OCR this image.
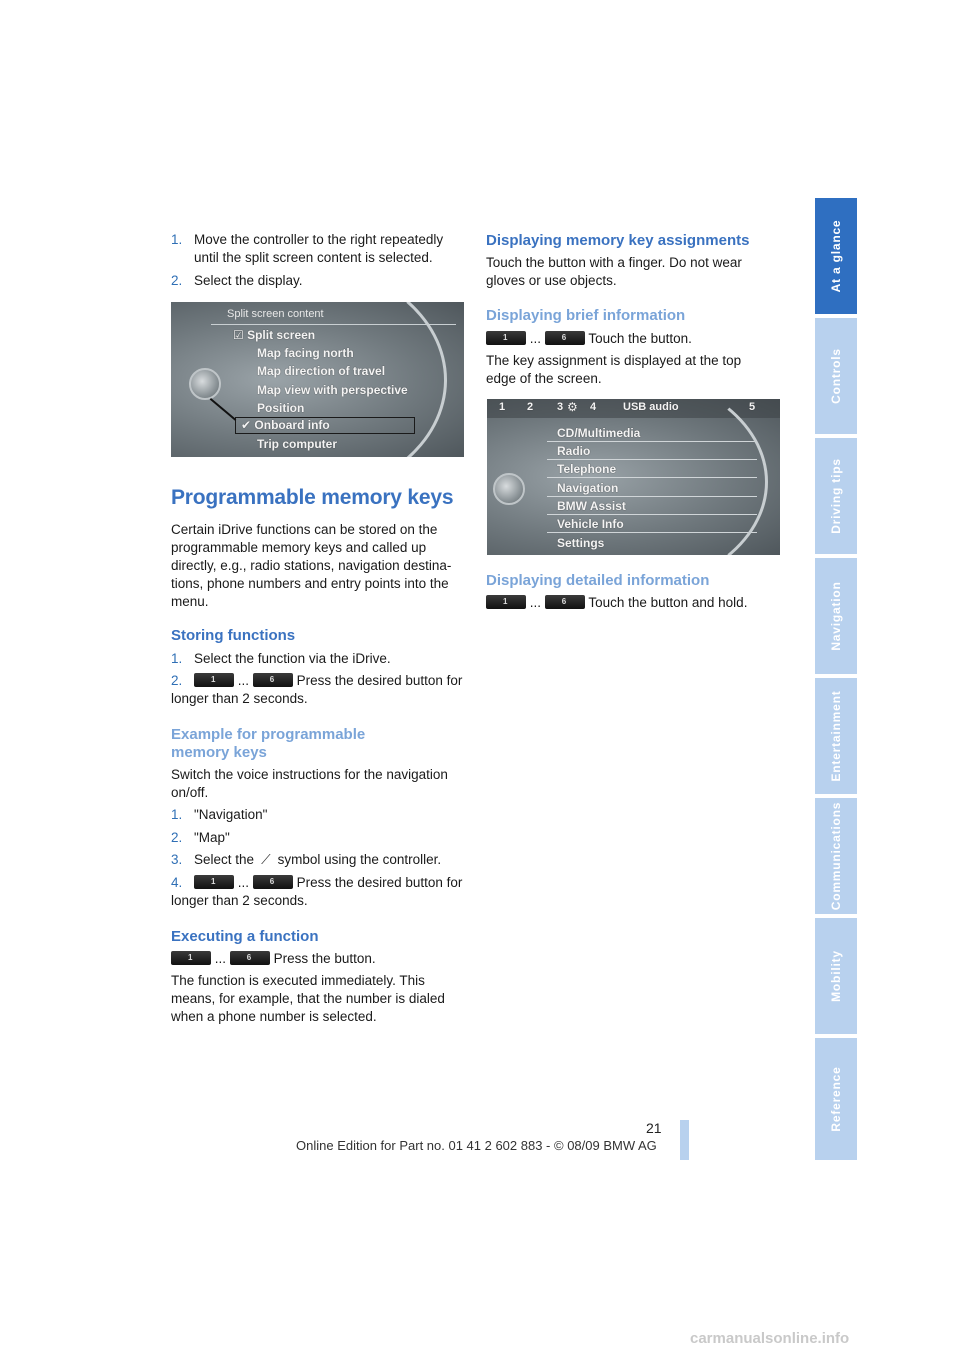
At a glance
Controls
Driving tips
Navigation
Entertainment
Communications
Mobility
Reference
1. Move the controller to the right repeatedly until the split screen content is selected.
2. Select the display.
Split screen content
☑ Split screen
Map facing north
Map direction of travel
Map view with perspective
Position
✔ Onboard info
Trip computer
Programmable memory keys
Certain iDrive functions can be stored on the programmable memory keys and called up directly, e.g., radio stations, navigation destina-tions, phone numbers and entry points into the menu.
Storing functions
1. Select the function via the iDrive.
2.	1 ...	6 Press the desired button for longer than 2 seconds.
Example for programmable
memory keys
Switch the voice instructions for the navigation on/off.
1. "Navigation"
2. "Map"
3. Select the ⟋ symbol using the controller.
4.	1 ...	6 Press the desired button for longer than 2 seconds.
Executing a function
1 ...	6 Press the button.
The function is executed immediately. This means, for example, that the number is dialed when a phone number is selected.
Displaying memory key assignments
Touch the button with a finger. Do not wear gloves or use objects.
Displaying brief information
1 ...	6 Touch the button.
The key assignment is displayed at the top edge of the screen.
1 2 3 ⚙ 4 USB audio	5
CD/Multimedia
Radio
Telephone
Navigation
BMW Assist
Vehicle Info
Settings
Displaying detailed information
1 ...	6 Touch the button and hold.
21
Online Edition for Part no. 01 41 2 602 883 - © 08/09 BMW AG
carmanualsonline.info
